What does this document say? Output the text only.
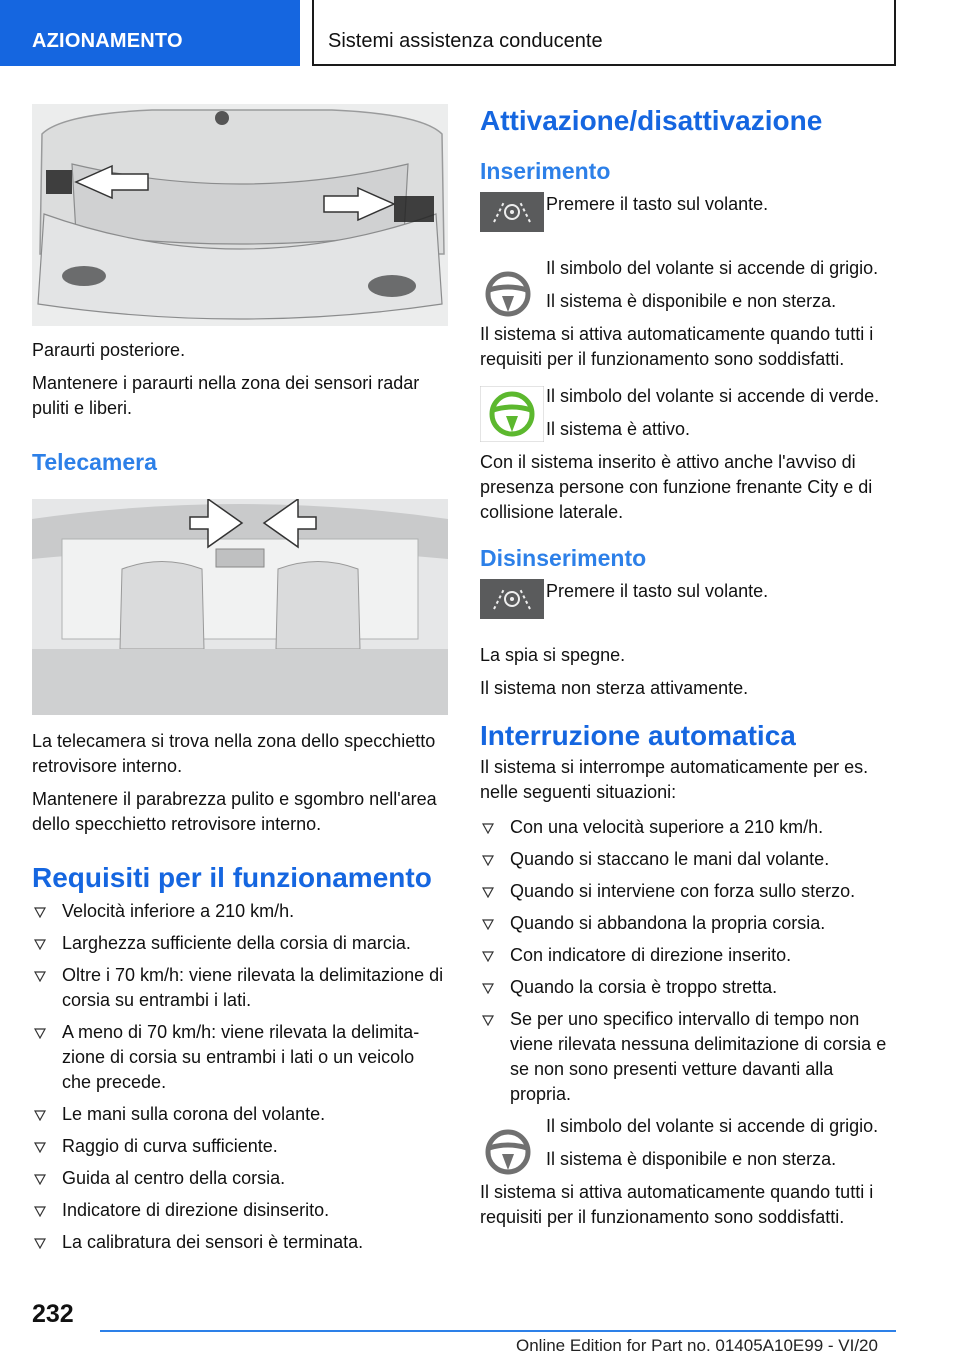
AZIONAMENTO	Sistemi assistenza conducente

Paraurti posteriore.

Mantenere i paraurti nella zona dei sensori radar puliti e liberi.

Telecamera

La telecamera si trova nella zona dello specchietto retrovisore interno.

Mantenere il parabrezza pulito e sgombro nell'area dello specchietto retrovisore interno.

Requisiti per il funzionamento
Velocità inferiore a 210 km/h.
Larghezza sufficiente della corsia di marcia.
Oltre i 70 km/h: viene rilevata la delimitazione di corsia su entrambi i lati.
A meno di 70 km/h: viene rilevata la delimitazione di corsia su entrambi i lati o un veicolo che precede.
Le mani sulla corona del volante.
Raggio di curva sufficiente.
Guida al centro della corsia.
Indicatore di direzione disinserito.
La calibratura dei sensori è terminata.
Attivazione/disattivazione
Inserimento

Premere il tasto sul volante.

Il simbolo del volante si accende di grigio.

Il sistema è disponibile e non sterza.

Il sistema si attiva automaticamente quando tutti i requisiti per il funzionamento sono soddisfatti.

Il simbolo del volante si accende di verde.

Il sistema è attivo.

Con il sistema inserito è attivo anche l'avviso di presenza persone con funzione frenante City e di collisione laterale.

Disinserimento

Premere il tasto sul volante.

La spia si spegne.

Il sistema non sterza attivamente.

Interruzione automatica

Il sistema si interrompe automaticamente per es. nelle seguenti situazioni:

Con una velocità superiore a 210 km/h.
Quando si staccano le mani dal volante.
Quando si interviene con forza sullo sterzo.
Quando si abbandona la propria corsia.
Con indicatore di direzione inserito.
Quando la corsia è troppo stretta.
Se per uno specifico intervallo di tempo non viene rilevata nessuna delimitazione di corsia e se non sono presenti vetture davanti alla propria.

Il simbolo del volante si accende di grigio.

Il sistema è disponibile e non sterza.

Il sistema si attiva automaticamente quando tutti i requisiti per il funzionamento sono soddisfatti.

232
Online Edition for Part no. 01405A10E99 - VI/20
